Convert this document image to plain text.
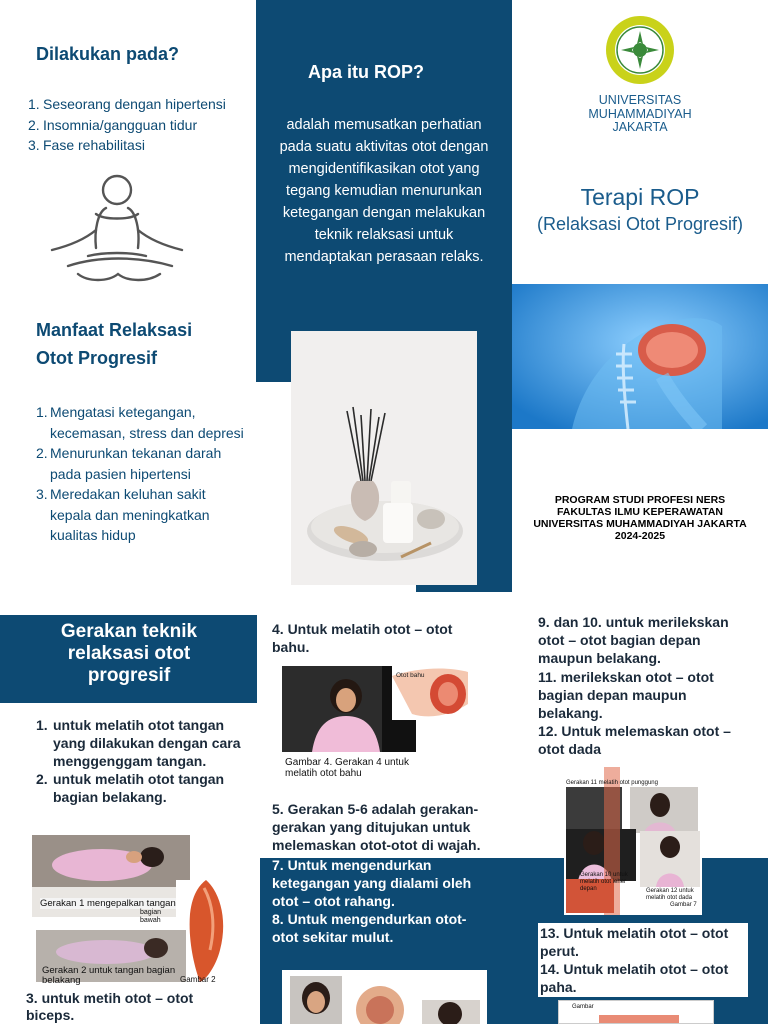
Dilakukan pada?
1. Seseorang dengan hipertensi
2. Insomnia/gangguan tidur
3. Fase rehabilitasi
Manfaat Relaksasi
Otot Progresif
1. Mengatasi ketegangan, kecemasan, stress dan depresi
2. Menurunkan tekanan darah pada pasien hipertensi
3. Meredakan keluhan sakit kepala dan meningkatkan kualitas hidup
Apa itu ROP?
adalah memusatkan perhatian pada suatu aktivitas otot dengan mengidentifikasikan otot yang tegang kemudian menurunkan ketegangan dengan melakukan teknik relaksasi untuk mendaptakan perasaan relaks.
UNIVERSITAS
MUHAMMADIYAH
JAKARTA
Terapi ROP
(Relaksasi Otot Progresif)
PROGRAM STUDI PROFESI NERS
FAKULTAS ILMU KEPERAWATAN
UNIVERSITAS MUHAMMADIYAH JAKARTA
2024-2025
Gerakan teknik relaksasi otot progresif
1. untuk melatih otot tangan yang dilakukan dengan cara menggenggam tangan.
2. untuk melatih otot tangan bagian belakang.
Gerakan 1 mengepalkan tangan
bagian bawah
Gerakan 2 untuk tangan bagian belakang	Gambar 2
3. untuk metih otot – otot biceps.
4. Untuk melatih otot – otot bahu.
Otot bahu
Gambar 4. Gerakan 4 untuk melatih otot bahu
5. Gerakan 5-6 adalah gerakan-gerakan yang ditujukan untuk melemaskan otot-otot di wajah.
7. Untuk mengendurkan ketegangan yang dialami oleh otot – otot rahang.
8. Untuk mengendurkan otot-otot sekitar mulut.
9. dan 10. untuk merilekskan otot – otot bagian depan maupun belakang.
11. merilekskan otot – otot bagian depan maupun belakang.
12. Untuk melemaskan otot – otot dada
Gerakan 11 melatih otot punggung
Gerakan 10 untuk melatih otot leher depan	Gerakan 12 untuk melatih otot dada
Gambar 7
13. Untuk melatih otot – otot perut.
14. Untuk melatih otot – otot paha.
Gambar
